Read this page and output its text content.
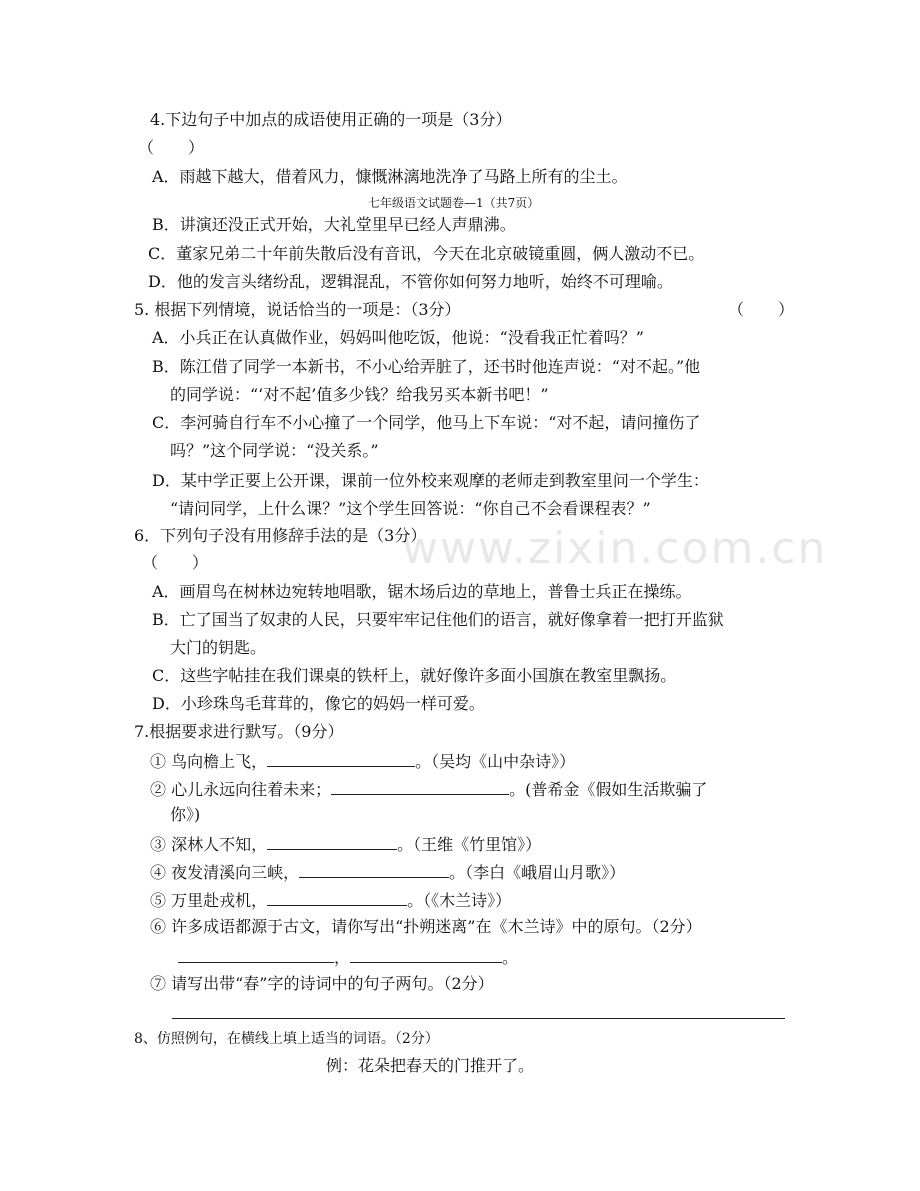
4.下边句子中加点的成语使用正确的一项是（3分）
（ ）
A．雨越下越大，借着风力，慷慨淋漓地洗净了马路上所有的尘土。
七年级语文试题卷—1（共7页）
B．讲演还没正式开始，大礼堂里早已经人声鼎沸。
C．董家兄弟二十年前失散后没有音讯，今天在北京破镜重圆，俩人激动不已。
D．他的发言头绪纷乱，逻辑混乱，不管你如何努力地听，始终不可理喻。
5. 根据下列情境，说话恰当的一项是：（3分）	（ ）
A．小兵正在认真做作业，妈妈叫他吃饭，他说：“没看我正忙着吗？”
B．陈江借了同学一本新书，不小心给弄脏了，还书时他连声说：“对不起。”他
的同学说：“‘对不起’值多少钱？给我另买本新书吧！”
C．李河骑自行车不小心撞了一个同学，他马上下车说：“对不起，请问撞伤了
吗？”这个同学说：“没关系。”
D．某中学正要上公开课，课前一位外校来观摩的老师走到教室里问一个学生：
“请问同学，上什么课？”这个学生回答说：“你自己不会看课程表？”
www.zixin.com.cn
6．下列句子没有用修辞手法的是（3分）
（ ）
A．画眉鸟在树林边宛转地唱歌，锯木场后边的草地上，普鲁士兵正在操练。
B．亡了国当了奴隶的人民，只要牢牢记住他们的语言，就好像拿着一把打开监狱
大门的钥匙。
C．这些字帖挂在我们课桌的铁杆上，就好像许多面小国旗在教室里飘扬。
D．小珍珠鸟毛茸茸的，像它的妈妈一样可爱。
7.根据要求进行默写。（9分）
① 鸟向檐上飞，	。（吴均《山中杂诗》）
② 心儿永远向往着未来；	。(普希金《假如生活欺骗了
你》)
③ 深林人不知，	。（王维《竹里馆》）
④ 夜发清溪向三峡，	。（李白《峨眉山月歌》）
⑤ 万里赴戎机，	。（《木兰诗》）
⑥ 许多成语都源于古文，请你写出“扑朔迷离”在《木兰诗》中的原句。（2分）
，	。
⑦ 请写出带“春”字的诗词中的句子两句。（2分）
8、仿照例句，在横线上填上适当的词语。（2分）
例：花朵把春天的门推开了。
